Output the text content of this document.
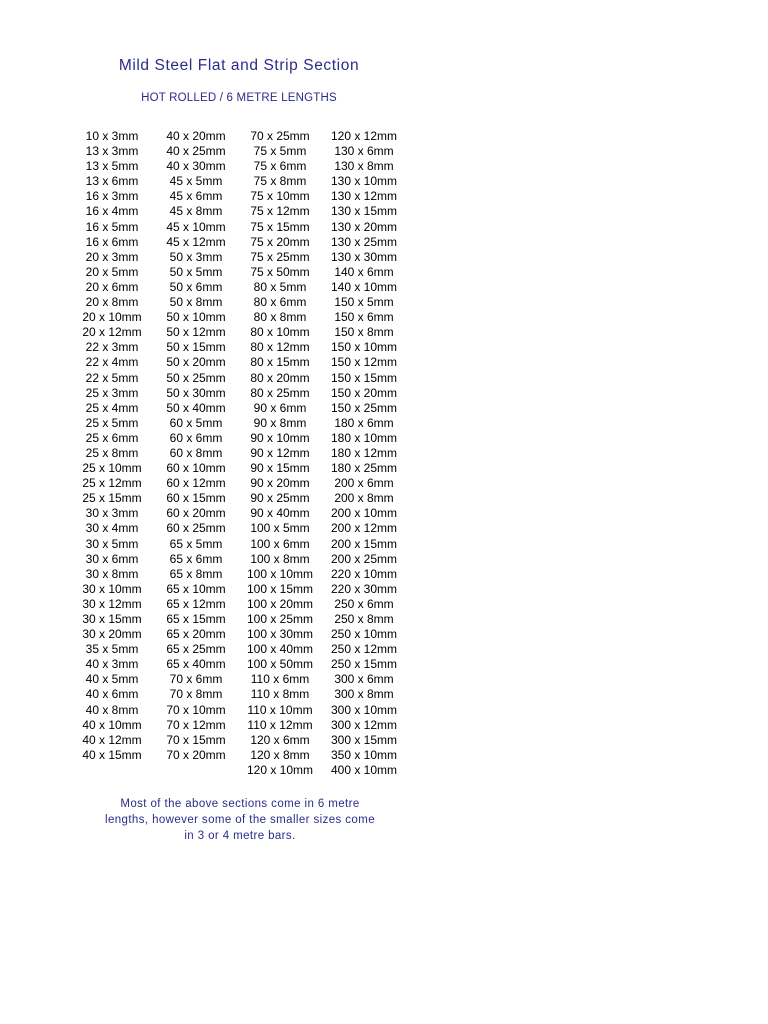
Mild Steel Flat and Strip Section
HOT ROLLED / 6 METRE LENGTHS
10 x 3mm
13 x 3mm
13 x 5mm
13 x 6mm
16 x 3mm
16 x 4mm
16 x 5mm
16 x 6mm
20 x 3mm
20 x 5mm
20 x 6mm
20 x 8mm
20 x 10mm
20 x 12mm
22 x 3mm
22 x 4mm
22 x 5mm
25 x 3mm
25 x 4mm
25 x 5mm
25 x 6mm
25 x 8mm
25 x 10mm
25 x 12mm
25 x 15mm
30 x 3mm
30 x 4mm
30 x 5mm
30 x 6mm
30 x 8mm
30 x 10mm
30 x 12mm
30 x 15mm
30 x 20mm
35 x 5mm
40 x 3mm
40 x 5mm
40 x 6mm
40 x 8mm
40 x 10mm
40 x 12mm
40 x 15mm
40 x 20mm
40 x 25mm
40 x 30mm
45 x 5mm
45 x 6mm
45 x 8mm
45 x 10mm
45 x 12mm
50 x 3mm
50 x 5mm
50 x 6mm
50 x 8mm
50 x 10mm
50 x 12mm
50 x 15mm
50 x 20mm
50 x 25mm
50 x 30mm
50 x 40mm
60 x 5mm
60 x 6mm
60 x 8mm
60 x 10mm
60 x 12mm
60 x 15mm
60 x 20mm
60 x 25mm
65 x 5mm
65 x 6mm
65 x 8mm
65 x 10mm
65 x 12mm
65 x 15mm
65 x 20mm
65 x 25mm
65 x 40mm
70 x 6mm
70 x 8mm
70 x 10mm
70 x 12mm
70 x 15mm
70 x 20mm
70 x 25mm
75 x 5mm
75 x 6mm
75 x 8mm
75 x 10mm
75 x 12mm
75 x 15mm
75 x 20mm
75 x 25mm
75 x 50mm
80 x 5mm
80 x 6mm
80 x 8mm
80 x 10mm
80 x 12mm
80 x 15mm
80 x 20mm
80 x 25mm
90 x 6mm
90 x 8mm
90 x 10mm
90 x 12mm
90 x 15mm
90 x 20mm
90 x 25mm
90 x 40mm
100 x 5mm
100 x 6mm
100 x 8mm
100 x 10mm
100 x 15mm
100 x 20mm
100 x 25mm
100 x 30mm
100 x 40mm
100 x 50mm
110 x 6mm
110 x 8mm
110 x 10mm
110 x 12mm
120 x 6mm
120 x 8mm
120 x 10mm
120 x 12mm
130 x 6mm
130 x 8mm
130 x 10mm
130 x 12mm
130 x 15mm
130 x 20mm
130 x 25mm
130 x 30mm
140 x 6mm
140 x 10mm
150 x 5mm
150 x 6mm
150 x 8mm
150 x 10mm
150 x 12mm
150 x 15mm
150 x 20mm
150 x 25mm
180 x 6mm
180 x 10mm
180 x 12mm
180 x 25mm
200 x 6mm
200 x 8mm
200 x 10mm
200 x 12mm
200 x 15mm
200 x 25mm
220 x 10mm
220 x 30mm
250 x 6mm
250 x 8mm
250 x 10mm
250 x 12mm
250 x 15mm
300 x 6mm
300 x 8mm
300 x 10mm
300 x 12mm
300 x 15mm
350 x 10mm
400 x 10mm
Most of the above sections come in 6 metre
lengths, however some of the smaller sizes come
in 3 or 4 metre bars.
